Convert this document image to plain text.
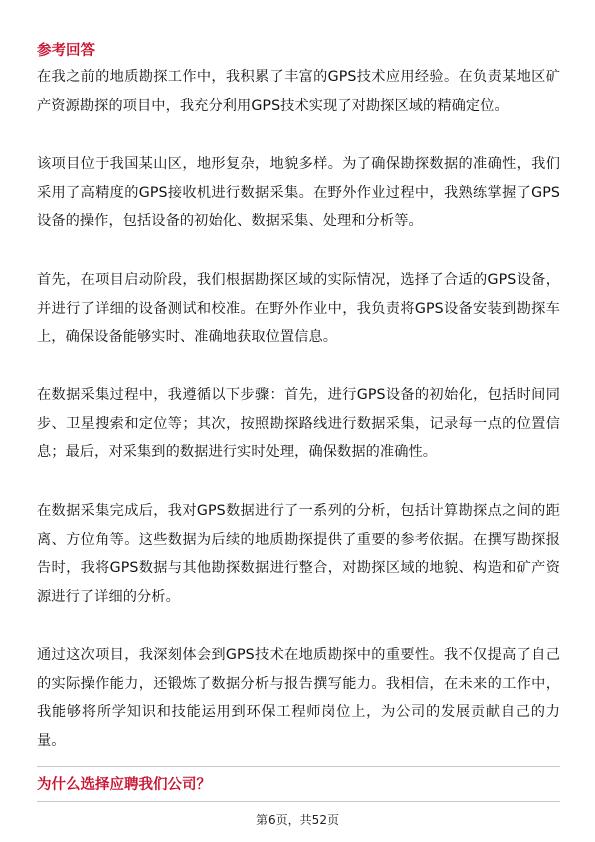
参考回答

在我之前的地质勘探工作中，我积累了丰富的GPS技术应用经验。在负责某地区矿产资源勘探的项目中，我充分利用GPS技术实现了对勘探区域的精确定位。

该项目位于我国某山区，地形复杂，地貌多样。为了确保勘探数据的准确性，我们采用了高精度的GPS接收机进行数据采集。在野外作业过程中，我熟练掌握了GPS设备的操作，包括设备的初始化、数据采集、处理和分析等。

首先，在项目启动阶段，我们根据勘探区域的实际情况，选择了合适的GPS设备，并进行了详细的设备测试和校准。在野外作业中，我负责将GPS设备安装到勘探车上，确保设备能够实时、准确地获取位置信息。

在数据采集过程中，我遵循以下步骤：首先，进行GPS设备的初始化，包括时间同步、卫星搜索和定位等；其次，按照勘探路线进行数据采集，记录每一点的位置信息；最后，对采集到的数据进行实时处理，确保数据的准确性。

在数据采集完成后，我对GPS数据进行了一系列的分析，包括计算勘探点之间的距离、方位角等。这些数据为后续的地质勘探提供了重要的参考依据。在撰写勘探报告时，我将GPS数据与其他勘探数据进行整合，对勘探区域的地貌、构造和矿产资源进行了详细的分析。

通过这次项目，我深刻体会到GPS技术在地质勘探中的重要性。我不仅提高了自己的实际操作能力，还锻炼了数据分析与报告撰写能力。我相信，在未来的工作中，我能够将所学知识和技能运用到环保工程师岗位上，为公司的发展贡献自己的力量。

为什么选择应聘我们公司？
第6页，共52页
